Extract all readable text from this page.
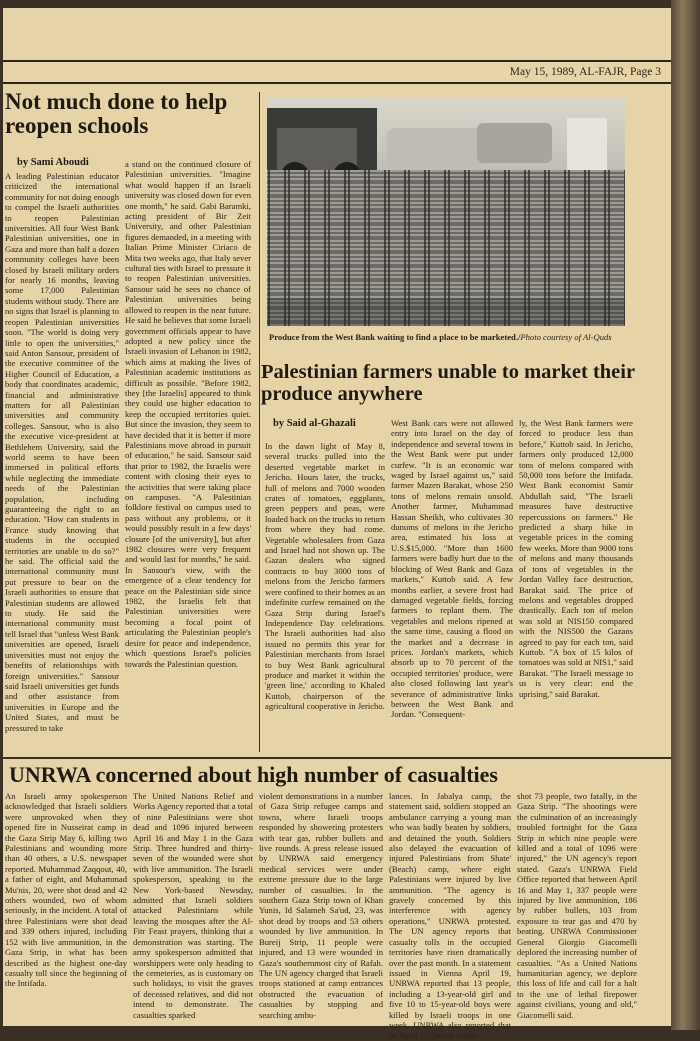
May 15, 1989, AL-FAJR, Page 3
Not much done to help reopen schools
by Sami Aboudi
A leading Palestinian educator criticized the international community for not doing enough to compel the Israeli authorities to reopen Palestinian universities. All four West Bank Palestinian universities, one in Gaza and more than half a dozen community colleges have been closed by Israeli military orders for nearly 16 months, leaving some 17,000 Palestinian students without study. There are no signs that Israel is planning to reopen Palestinian universities soon. "The world is doing very little to open the universities," said Anton Sansour, president of the executive committee of the Higher Council of Education, a body that coordinates academic, financial and administrative matters for all Palestinian universities and community colleges. Sansour, who is also the executive vice-president at Bethlehem University, said the world seems to have been immersed in political efforts while neglecting the immediate needs of the Palestinian population, including guaranteeing the right to an education. "How can students in France study knowing that students in the occupied territories are unable to do so?" he said. The official said the international community must put pressure to bear on the Israeli authorities to ensure that Palestinian students are allowed to study. He said the international community must tell Israel that "unless West Bank universities are opened, Israeli universities must not enjoy the benefits of relationships with foreign universities." Sansour said Israeli universities get funds and other assistance from universities in Europe and the United States, and must be pressured to take
a stand on the continued closure of Palestinian universities. "Imagine what would happen if an Israeli university was closed down for even one month," he said. Gabi Baramki, acting president of Bir Zeit University, and other Palestinian figures demanded, in a meeting with Italian Prime Minister Ciriaco de Mita two weeks ago, that Italy sever cultural ties with Israel to pressure it to reopen Palestinian universities. Sansour said he sees no chance of Palestinian universities being allowed to reopen in the near future. He said he believes that some Israeli government officials appear to have adopted a new policy since the Israeli invasion of Lebanon in 1982, which aims at making the lives of Palestinian academic institutions as difficult as possible. "Before 1982, they [the Israelis] appeared to think they could use higher education to keep the occupied territories quiet. But since the invasion, they seem to have decided that it is better if more Palestinians move abroad in pursuit of education," he said. Sansour said that prior to 1982, the Israelis were content with closing their eyes to the activities that were taking place on campuses. "A Palestinian folklore festival on campus used to pass without any problems, or it would possibly result in a few days' closure [of the university], but after 1982 closures were very frequent and would last for months," he said. In Sansour's view, with the emergence of a clear tendency for peace on the Palestinian side since 1982, the Israelis felt that Palestinian universities were becoming a focal point of articulating the Palestinian people's desire for peace and independence, which questions Israel's policies towards the Palestinian question.
Produce from the West Bank waiting to find a place to be marketed./Photo courtesy of Al-Quds
Palestinian farmers unable to market their produce anywhere
by Said al-Ghazali
In the dawn light of May 8, several trucks pulled into the deserted vegetable market in Jericho. Hours later, the trucks, full of melons and 7000 wooden crates of tomatoes, eggplants, green peppers and peas, were loaded back on the trucks to return from where they had come. Vegetable wholesalers from Gaza and Israel had not shown up. The Gazan dealers who signed contracts to buy 3000 tons of melons from the Jericho farmers were confined to their homes as an indefinite curfew remained on the Gaza Strip during Israel's Independence Day celebrations. The Israeli authorities had also issued no permits this year for Palestinian merchants from Israel to buy West Bank agricultural produce and market it within the 'green line,' according to Khaled Kuttob, chairperson of the agricultural cooperative in Jericho.
West Bank cars were not allowed entry into Israel on the day of independence and several towns in the West Bank were put under curfew. "It is an economic war waged by Israel against us," said farmer Mazen Barakat, whose 250 tons of melons remain unsold. Another farmer, Muhammad Hassan Sheikh, who cultivates 30 dunums of melons in the Jericho area, estimated his loss at U.S.$15,000. "More than 1600 farmers were badly hurt due to the blocking of West Bank and Gaza markets," Kuttob said. A few months earlier, a severe frost had damaged vegetable fields, forcing farmers to replant them. The vegetables and melons ripened at the same time, causing a flood on the market and a decrease in prices. Jordan's markets, which absorb up to 70 percent of the occupied territories' produce, were also closed following last year's severance of administrative links between the West Bank and Jordan. "Consequent-
ly, the West Bank farmers were forced to produce less than before," Kuttob said. In Jericho, farmers only produced 12,000 tons of melons compared with 50,000 tons before the Intifada. West Bank economist Samir Abdullah said, "The Israeli measures have destructive repercussions on farmers." He predicted a sharp hike in vegetable prices in the coming few weeks. More than 9000 tons of melons and many thousands of tons of vegetables in the Jordan Valley face destruction, Barakat said. The price of melons and vegetables dropped drastically. Each ton of melon was sold at NIS150 compared with the NIS500 the Gazans agreed to pay for each ton, said Kuttob. "A box of 15 kilos of tomatoes was sold at NIS1," said Barakat. "The Israeli message to us is very clear: end the uprising," said Barakat.
UNRWA concerned about high number of casualties
An Israeli army spokesperson acknowledged that Israeli soldiers were unprovoked when they opened fire in Nusseirat camp in the Gaza Strip May 6, killing two Palestinians and wounding more than 40 others, a U.S. newspaper reported. Muhammad Zaqqout, 40, a father of eight, and Muhammad Mu'nis, 20, were shot dead and 42 others wounded, two of whom seriously, in the incident. A total of three Palestinians were shot dead and 339 others injured, including 152 with live ammunition, in the Gaza Strip, in what has been described as the highest one-day casualty toll since the beginning of the Intifada.
The United Nations Relief and Works Agency reported that a total of nine Palestinians were shot dead and 1096 injured between April 16 and May 1 in the Gaza Strip. Three hundred and thirty-seven of the wounded were shot with live ammunition. The Israeli spokesperson, speaking to the New York-based Newsday, admitted that Israeli soldiers attacked Palestinians while leaving the mosques after the Al-Fitr Feast prayers, thinking that a demonstration was starting. The army spokesperson admitted that worshippers were only heading to the cemeteries, as is customary on such holidays, to visit the graves of deceased relatives, and did not intend to demonstrate. The casualties sparked
violent demonstrations in a number of Gaza Strip refugee camps and towns, where Israeli troops responded by showering protesters with tear gas, rubber bullets and live rounds. A press release issued by UNRWA said emergency medical services were under extreme pressure due to the large number of casualties. In the southern Gaza Strip town of Khan Yunis, Id Salameh Sa'ud, 23, was shot dead by troops and 53 others wounded by live ammunition. In Bureij Strip, 11 people were injured, and 13 were wounded in Gaza's southernmost city of Rafah. The UN agency charged that Israeli troops stationed at camp entrances obstructed the evacuation of casualties by stopping and searching ambu-
lances. In Jabalya camp, the statement said, soldiers stopped an ambulance carrying a young man who was badly beaten by soldiers, and detained the youth. Soldiers also delayed the evacuation of injured Palestinians from Shate' (Beach) camp, where eight Palestinians were injured by live ammunition. "The agency is gravely concerned by this interference with agency operations," UNRWA protested. The UN agency reports that casualty tolls in the occupied territories have risen dramatically over the past month. In a statement issued in Vienna April 19, UNRWA reported that 13 people, including a 13-year-old girl and five 10 to 15-year-old boys were killed by Israeli troops in one week. UNRWA also reported that on April 27, Israeli troops
shot 73 people, two fatally, in the Gaza Strip. "The shootings were the culmination of an increasingly troubled fortnight for the Gaza Strip in which nine people were killed and a total of 1096 were injured," the UN agency's report stated. Gaza's UNRWA Field Office reported that between April 16 and May 1, 337 people were injured by live ammunition, 186 by rubber bullets, 103 from exposure to tear gas and 470 by beating. UNRWA Commissioner General Giorgio Giacomelli deplored the increasing number of casualties. "As a United Nations humanitarian agency, we deplore this loss of life and call for a halt to the use of lethal firepower against civilians, young and old," Giacomelli said.
